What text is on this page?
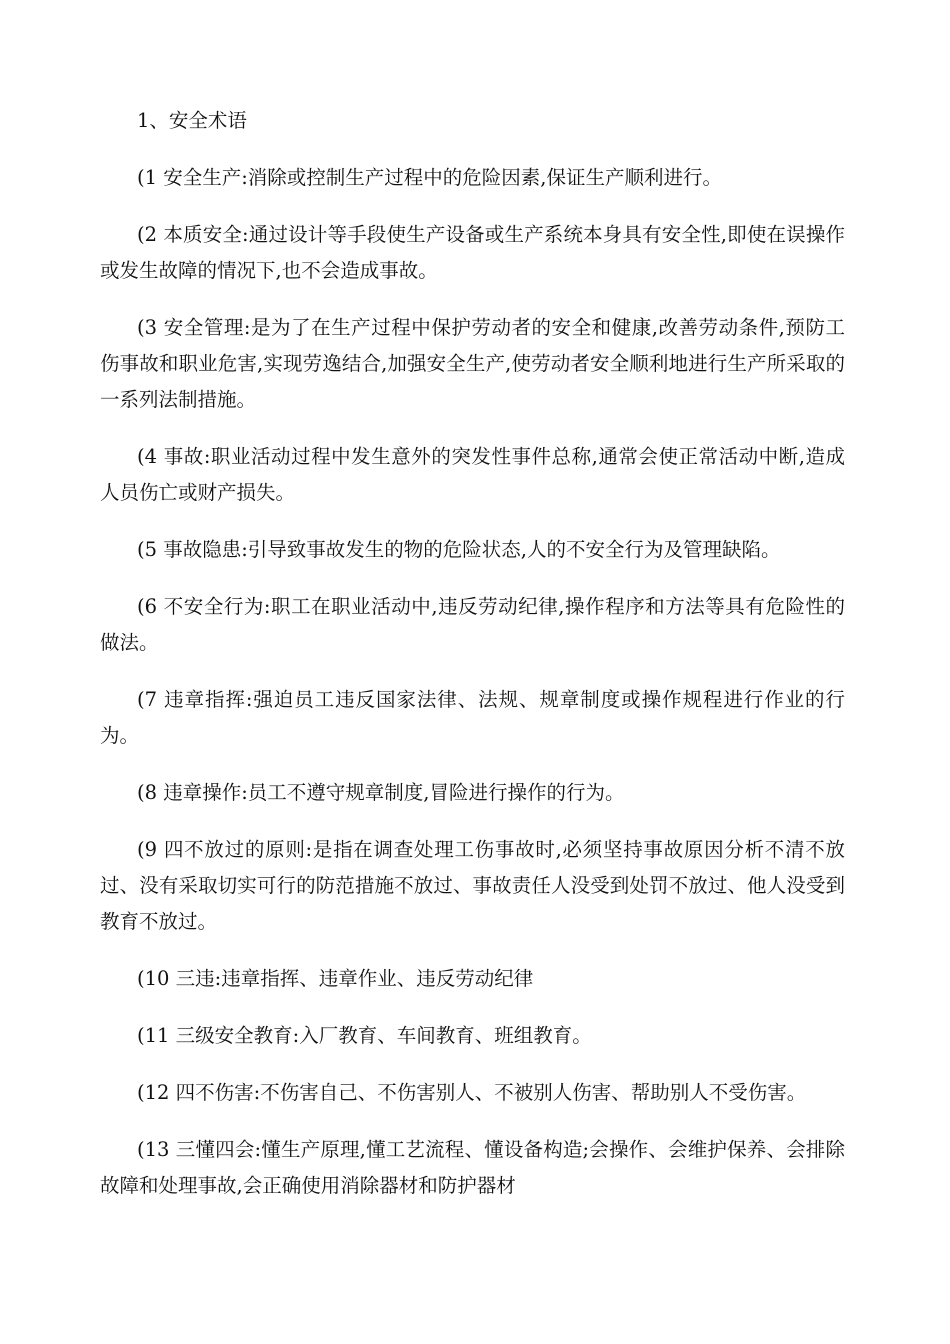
1、安全术语

(1 安全生产:消除或控制生产过程中的危险因素,保证生产顺利进行。

(2 本质安全:通过设计等手段使生产设备或生产系统本身具有安全性,即使在误操作或发生故障的情况下,也不会造成事故。

(3 安全管理:是为了在生产过程中保护劳动者的安全和健康,改善劳动条件,预防工伤事故和职业危害,实现劳逸结合,加强安全生产,使劳动者安全顺利地进行生产所采取的一系列法制措施。

(4 事故:职业活动过程中发生意外的突发性事件总称,通常会使正常活动中断,造成人员伤亡或财产损失。

(5 事故隐患:引导致事故发生的物的危险状态,人的不安全行为及管理缺陷。

(6 不安全行为:职工在职业活动中,违反劳动纪律,操作程序和方法等具有危险性的做法。

(7 违章指挥:强迫员工违反国家法律、法规、规章制度或操作规程进行作业的行为。

(8 违章操作:员工不遵守规章制度,冒险进行操作的行为。

(9 四不放过的原则:是指在调查处理工伤事故时,必须坚持事故原因分析不清不放过、没有采取切实可行的防范措施不放过、事故责任人没受到处罚不放过、他人没受到教育不放过。

(10 三违:违章指挥、违章作业、违反劳动纪律

(11 三级安全教育:入厂教育、车间教育、班组教育。

(12 四不伤害:不伤害自己、不伤害别人、不被别人伤害、帮助别人不受伤害。

(13 三懂四会:懂生产原理,懂工艺流程、懂设备构造;会操作、会维护保养、会排除故障和处理事故,会正确使用消除器材和防护器材
